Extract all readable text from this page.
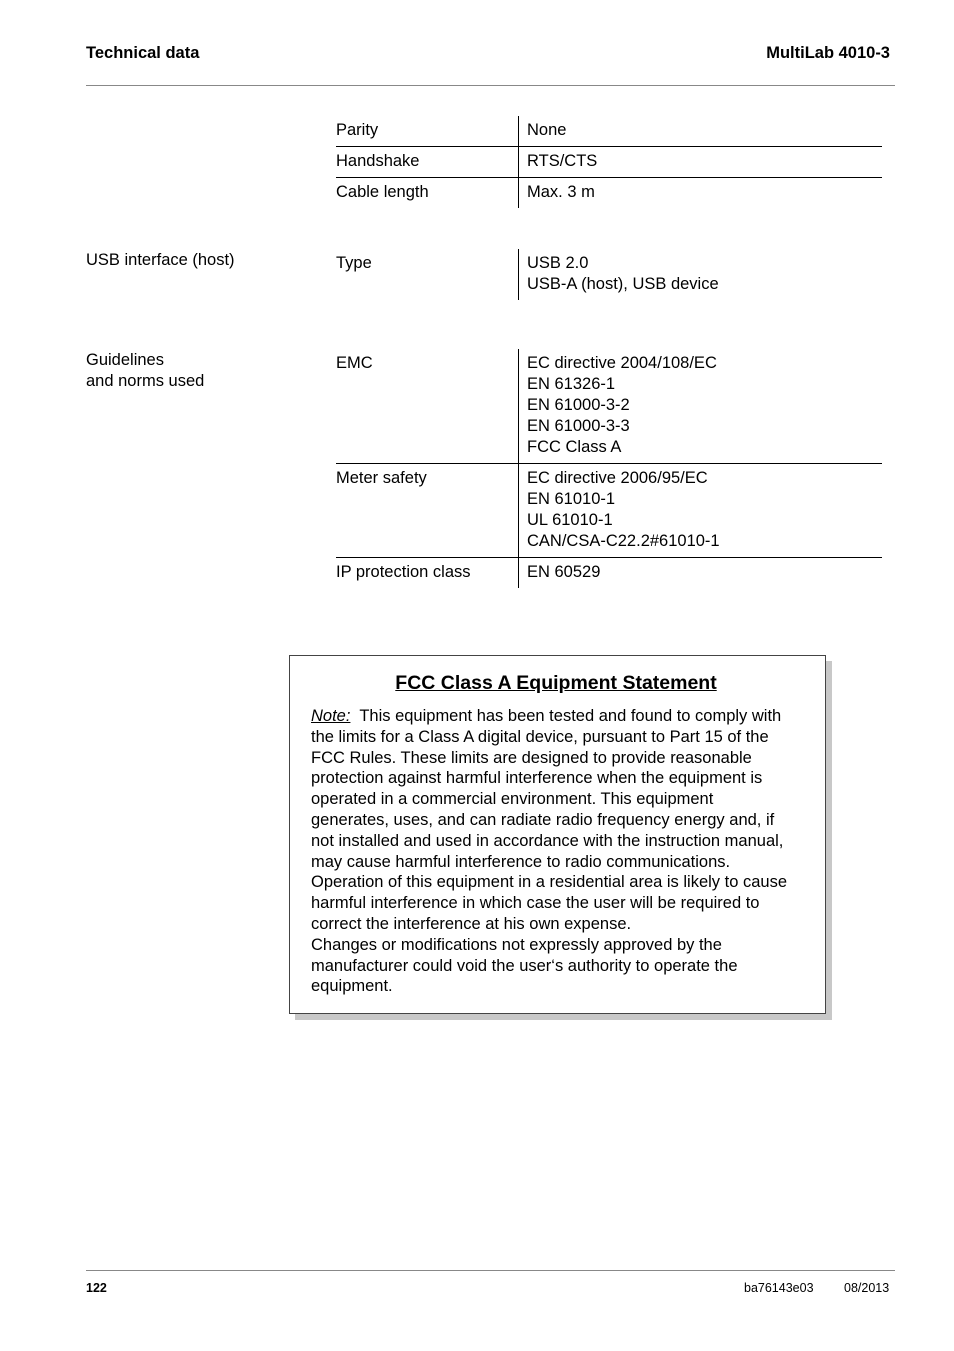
Technical data	MultiLab 4010-3
Parity	None
Handshake	RTS/CTS
Cable length	Max. 3 m
USB interface (host)	Type	USB 2.0
USB-A (host), USB device
Guidelines
and norms used
EMC	EC directive 2004/108/EC
EN 61326-1
EN 61000-3-2
EN 61000-3-3
FCC Class A
Meter safety	EC directive 2006/95/EC
EN 61010-1
UL 61010-1
CAN/CSA-C22.2#61010-1
IP protection class	EN 60529
FCC Class A Equipment Statement
Note: This equipment has been tested and found to comply with
the limits for a Class A digital device, pursuant to Part 15 of the
FCC Rules. These limits are designed to provide reasonable
protection against harmful interference when the equipment is
operated in a commercial environment. This equipment
generates, uses, and can radiate radio frequency energy and, if
not installed and used in accordance with the instruction manual,
may cause harmful interference to radio communications.
Operation of this equipment in a residential area is likely to cause
harmful interference in which case the user will be required to
correct the interference at his own expense.
Changes or modifications not expressly approved by the
manufacturer could void the user‘s authority to operate the
equipment.
122	ba76143e03 08/2013
